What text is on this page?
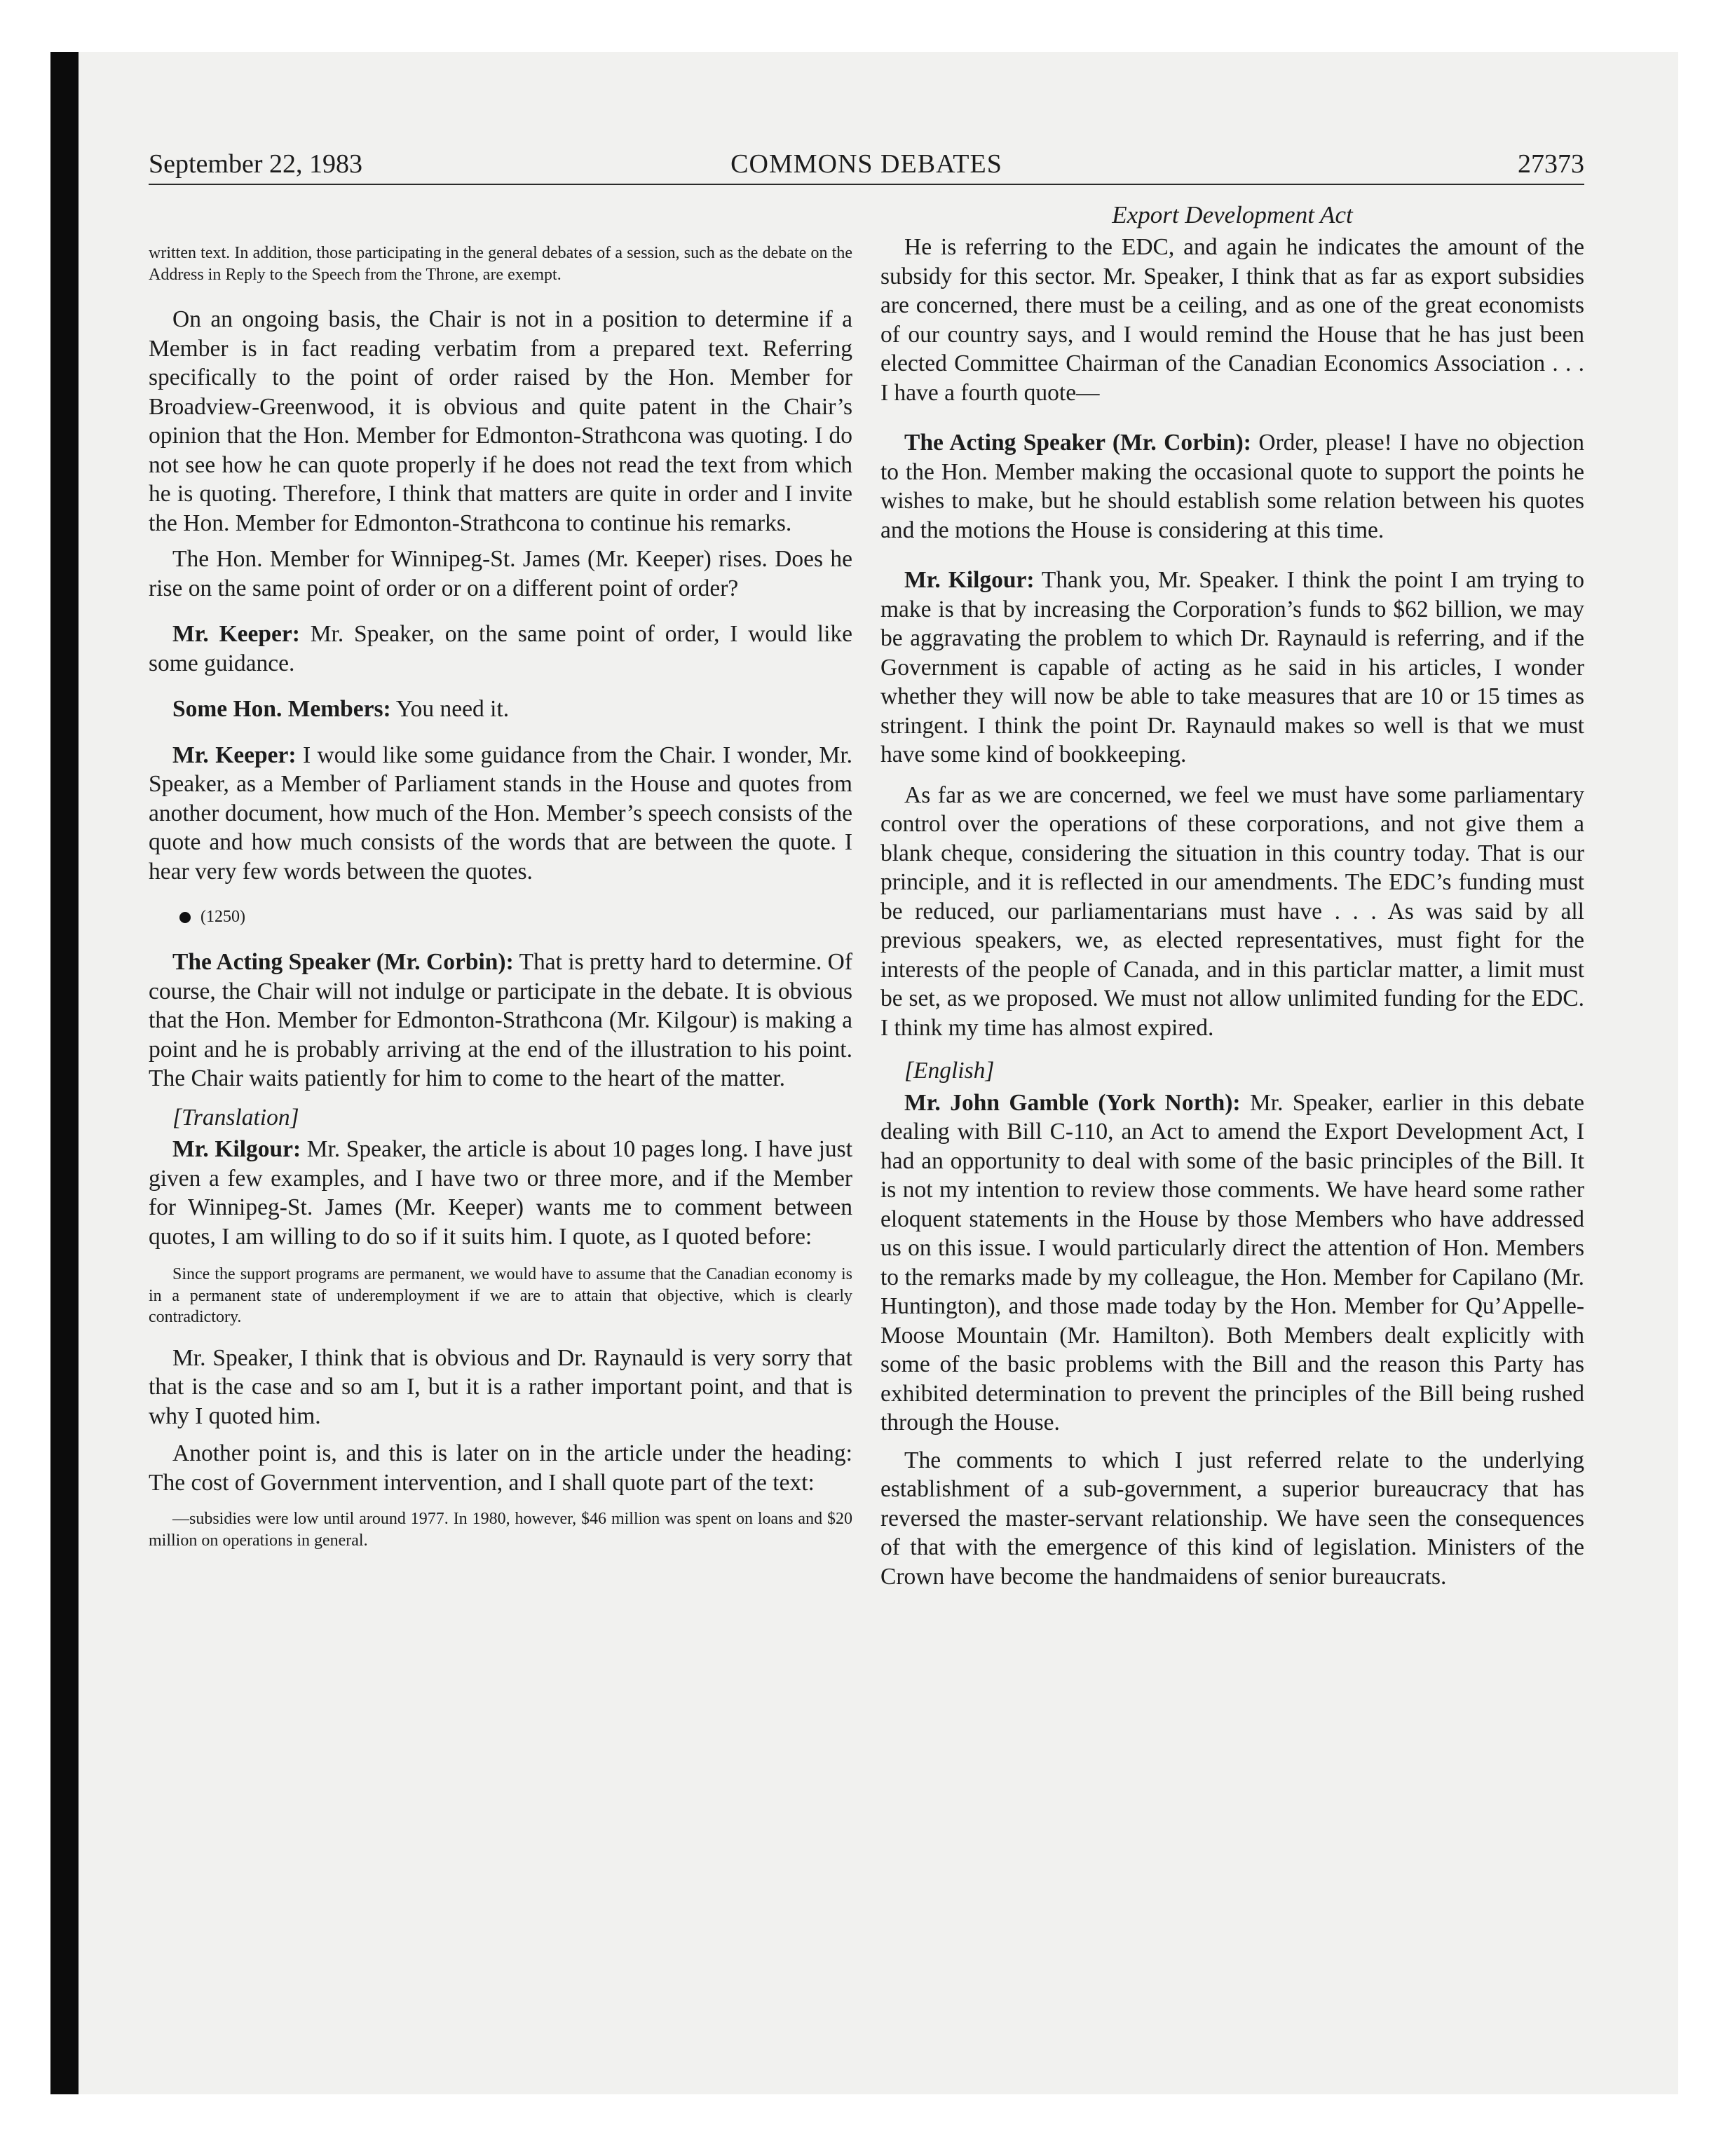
September 22, 1983	COMMONS DEBATES	27373

written text. In addition, those participating in the general debates of a session, such as the debate on the Address in Reply to the Speech from the Throne, are exempt.

On an ongoing basis, the Chair is not in a position to determine if a Member is in fact reading verbatim from a prepared text. Referring specifically to the point of order raised by the Hon. Member for Broadview-Greenwood, it is obvious and quite patent in the Chair’s opinion that the Hon. Member for Edmonton-Strathcona was quoting. I do not see how he can quote properly if he does not read the text from which he is quoting. Therefore, I think that matters are quite in order and I invite the Hon. Member for Edmonton-Strathcona to continue his remarks.

The Hon. Member for Winnipeg-St. James (Mr. Keeper) rises. Does he rise on the same point of order or on a different point of order?

Mr. Keeper: Mr. Speaker, on the same point of order, I would like some guidance.

Some Hon. Members: You need it.

Mr. Keeper: I would like some guidance from the Chair. I wonder, Mr. Speaker, as a Member of Parliament stands in the House and quotes from another document, how much of the Hon. Member’s speech consists of the quote and how much consists of the words that are between the quote. I hear very few words between the quotes.

(1250)

The Acting Speaker (Mr. Corbin): That is pretty hard to determine. Of course, the Chair will not indulge or participate in the debate. It is obvious that the Hon. Member for Edmonton-Strathcona (Mr. Kilgour) is making a point and he is probably arriving at the end of the illustration to his point. The Chair waits patiently for him to come to the heart of the matter.

[Translation]

Mr. Kilgour: Mr. Speaker, the article is about 10 pages long. I have just given a few examples, and I have two or three more, and if the Member for Winnipeg-St. James (Mr. Keeper) wants me to comment between quotes, I am willing to do so if it suits him. I quote, as I quoted before:

Since the support programs are permanent, we would have to assume that the Canadian economy is in a permanent state of underemployment if we are to attain that objective, which is clearly contradictory.

Mr. Speaker, I think that is obvious and Dr. Raynauld is very sorry that that is the case and so am I, but it is a rather important point, and that is why I quoted him.

Another point is, and this is later on in the article under the heading: The cost of Government intervention, and I shall quote part of the text:

—subsidies were low until around 1977. In 1980, however, $46 million was spent on loans and $20 million on operations in general.

Export Development Act

He is referring to the EDC, and again he indicates the amount of the subsidy for this sector. Mr. Speaker, I think that as far as export subsidies are concerned, there must be a ceiling, and as one of the great economists of our country says, and I would remind the House that he has just been elected Committee Chairman of the Canadian Economics Association . . . I have a fourth quote—

The Acting Speaker (Mr. Corbin): Order, please! I have no objection to the Hon. Member making the occasional quote to support the points he wishes to make, but he should establish some relation between his quotes and the motions the House is considering at this time.

Mr. Kilgour: Thank you, Mr. Speaker. I think the point I am trying to make is that by increasing the Corporation’s funds to $62 billion, we may be aggravating the problem to which Dr. Raynauld is referring, and if the Government is capable of acting as he said in his articles, I wonder whether they will now be able to take measures that are 10 or 15 times as stringent. I think the point Dr. Raynauld makes so well is that we must have some kind of bookkeeping.

As far as we are concerned, we feel we must have some parliamentary control over the operations of these corporations, and not give them a blank cheque, considering the situation in this country today. That is our principle, and it is reflected in our amendments. The EDC’s funding must be reduced, our parliamentarians must have . . . As was said by all previous speakers, we, as elected representatives, must fight for the interests of the people of Canada, and in this particlar matter, a limit must be set, as we proposed. We must not allow unlimited funding for the EDC. I think my time has almost expired.

[English]

Mr. John Gamble (York North): Mr. Speaker, earlier in this debate dealing with Bill C-110, an Act to amend the Export Development Act, I had an opportunity to deal with some of the basic principles of the Bill. It is not my intention to review those comments. We have heard some rather eloquent statements in the House by those Members who have addressed us on this issue. I would particularly direct the attention of Hon. Members to the remarks made by my colleague, the Hon. Member for Capilano (Mr. Huntington), and those made today by the Hon. Member for Qu’Appelle-Moose Mountain (Mr. Hamilton). Both Members dealt explicitly with some of the basic problems with the Bill and the reason this Party has exhibited determination to prevent the principles of the Bill being rushed through the House.

The comments to which I just referred relate to the underlying establishment of a sub-government, a superior bureaucracy that has reversed the master-servant relationship. We have seen the consequences of that with the emergence of this kind of legislation. Ministers of the Crown have become the handmaidens of senior bureaucrats.
